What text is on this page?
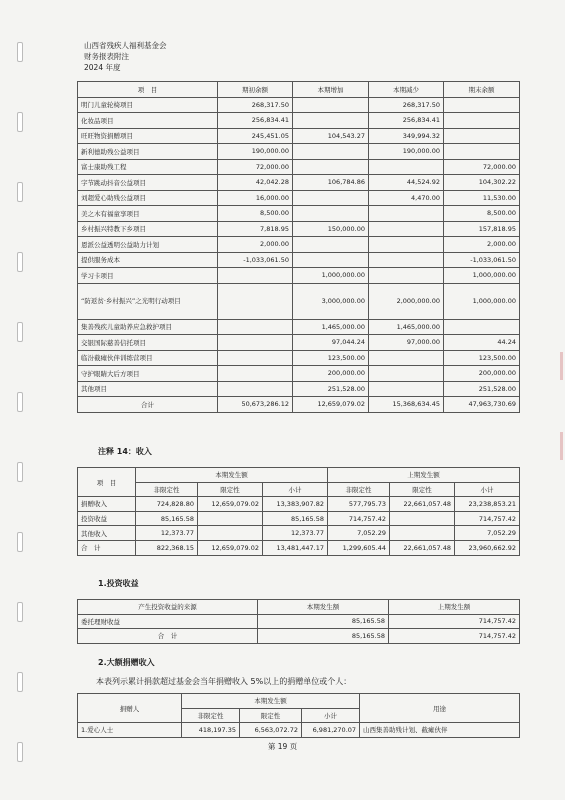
山西省残疾人福利基金会
财务报表附注
2024 年度
项　目	期初余额	本期增加	本期减少	期末余额
明门儿童轮椅项目	268,317.50		268,317.50	
化妆品项目	256,834.41		256,834.41	
旺旺物资捐赠项目	245,451.05	104,543.27	349,994.32	
新利德助残公益项目	190,000.00		190,000.00	
富士康助残工程	72,000.00			72,000.00
字节跳动抖音公益项目	42,042.28	106,784.86	44,524.92	104,302.22
刘超爱心助残公益项目	16,000.00		4,470.00	11,530.00
美之木有福童享项目	8,500.00			8,500.00
乡村振兴特教下乡项目	7,818.95	150,000.00		157,818.95
恩派公益透明公益助力计划	2,000.00			2,000.00
提供服务成本	-1,033,061.50			-1,033,061.50
学习卡项目		1,000,000.00		1,000,000.00
“防返贫·乡村振兴”之光明行动项目		3,000,000.00	2,000,000.00	1,000,000.00
集善残疾儿童助养应急救护项目		1,465,000.00	1,465,000.00	
交银国际慈善信托项目		97,044.24	97,000.00	44.24
临汾截瘫伙伴训练营项目		123,500.00		123,500.00
守护眼睛大后方项目		200,000.00		200,000.00
其他项目		251,528.00		251,528.00
合计	50,673,286.12	12,659,079.02	15,368,634.45	47,963,730.69
注释 14：收入
项　目	本期发生额			上期发生额		
	非限定性	限定性	小计	非限定性	限定性	小计
捐赠收入	724,828.80	12,659,079.02	13,383,907.82	577,795.73	22,661,057.48	23,238,853.21
投资收益	85,165.58		85,165.58	714,757.42		714,757.42
其他收入	12,373.77		12,373.77	7,052.29		7,052.29
合　计	822,368.15	12,659,079.02	13,481,447.17	1,299,605.44	22,661,057.48	23,960,662.92
1.投资收益
产生投资收益的来源	本期发生额	上期发生额
委托理财收益	85,165.58	714,757.42
合　计	85,165.58	714,757.42
2.大额捐赠收入
本表列示累计捐款超过基金会当年捐赠收入 5%以上的捐赠单位或个人：
捐赠人	本期发生额			用途
	非限定性	限定性	小计	
1.爱心人士	418,197.35	6,563,072.72	6,981,270.07	山西集善助残计划、截瘫伙伴
第 19 页
